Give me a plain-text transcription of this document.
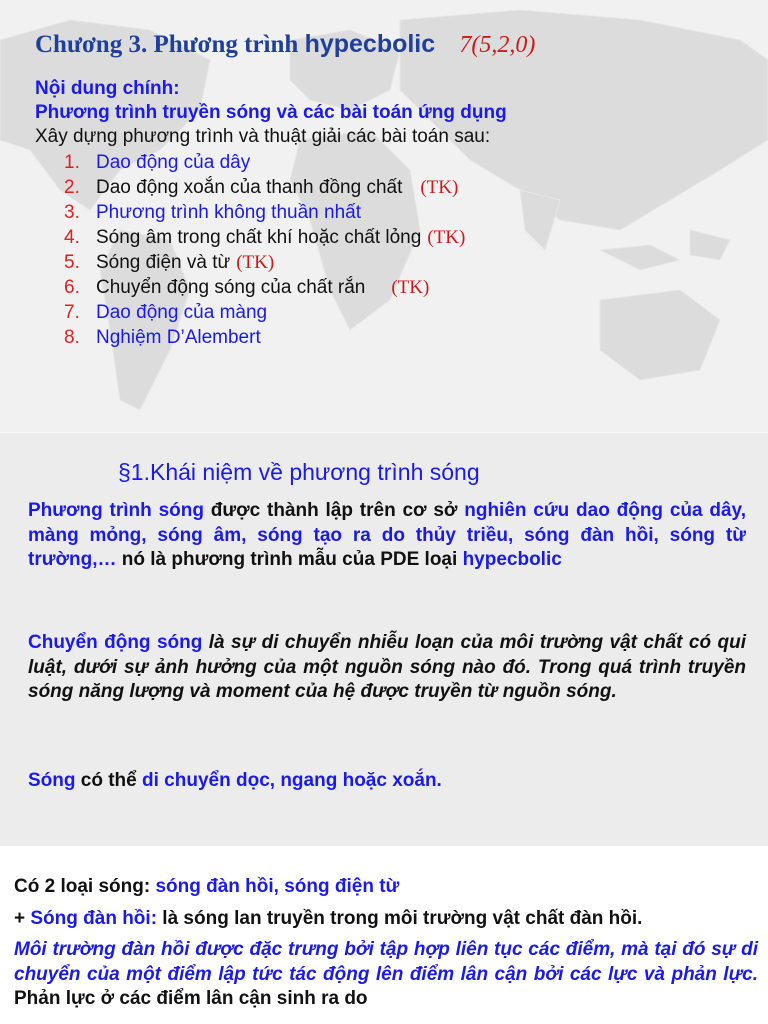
Chương 3. Phương trình hypecbolic 7(5,2,0)
Nội dung chính:
Phương trình truyền sóng và các bài toán ứng dụng
Xây dựng phương trình và thuật giải các bài toán sau:
1. Dao động của dây
2. Dao động xoắn của thanh đồng chất (TK)
3. Phương trình không thuần nhất
4. Sóng âm trong chất khí hoặc chất lỏng (TK)
5. Sóng điện và từ (TK)
6. Chuyển động sóng của chất rắn (TK)
7. Dao động của màng
8. Nghiệm D’Alembert
§1.Khái niệm về phương trình sóng
Phương trình sóng được thành lập trên cơ sở nghiên cứu dao động của dây, màng mỏng, sóng âm, sóng tạo ra do thủy triều, sóng đàn hồi, sóng từ trường,… nó là phương trình mẫu của PDE loại hypecbolic
Chuyển động sóng là sự di chuyển nhiễu loạn của môi trường vật chất có qui luật, dưới sự ảnh hưởng của một nguồn sóng nào đó. Trong quá trình truyền sóng năng lượng và moment của hệ được truyền từ nguồn sóng.
Sóng có thể di chuyển dọc, ngang hoặc xoắn.
Có 2 loại sóng: sóng đàn hồi, sóng điện từ
+ Sóng đàn hồi: là sóng lan truyền trong môi trường vật chất đàn hồi.
Môi trường đàn hồi được đặc trưng bởi tập hợp liên tục các điểm, mà tại đó sự di chuyển của một điểm lập tức tác động lên điểm lân cận bởi các lực và phản lực. Phản lực ở các điểm lân cận sinh ra do
